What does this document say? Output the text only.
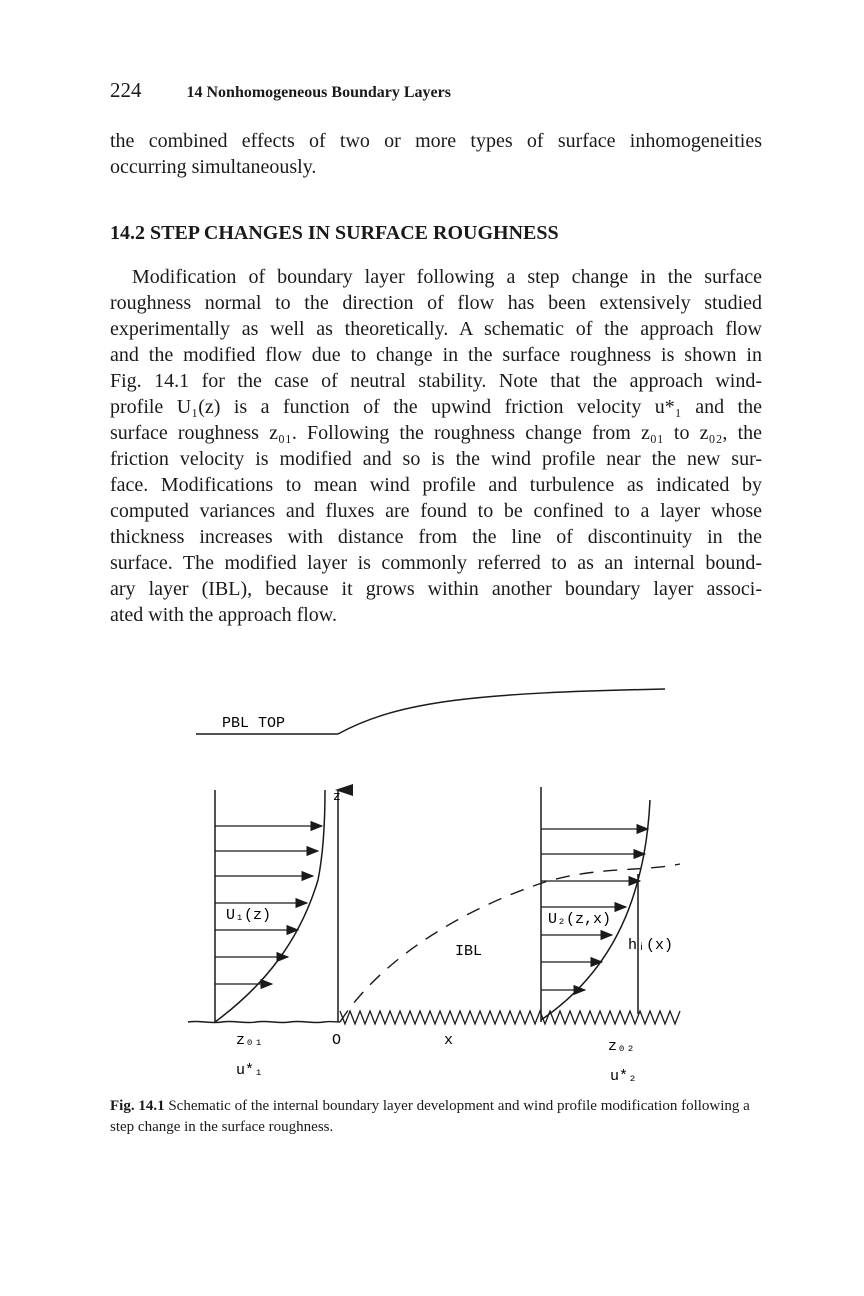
224	14 Nonhomogeneous Boundary Layers

the combined effects of two or more types of surface inhomogeneities
occurring simultaneously.

14.2 STEP CHANGES IN SURFACE ROUGHNESS

Modification of boundary layer following a step change in the surface
roughness normal to the direction of flow has been extensively studied
experimentally as well as theoretically. A schematic of the approach flow
and the modified flow due to change in the surface roughness is shown in
Fig. 14.1 for the case of neutral stability. Note that the approach wind-
profile U₁(z) is a function of the upwind friction velocity u*₁ and the
surface roughness z₀₁. Following the roughness change from z₀₁ to z₀₂, the
friction velocity is modified and so is the wind profile near the new sur-
face. Modifications to mean wind profile and turbulence as indicated by
computed variances and fluxes are found to be confined to a layer whose
thickness increases with distance from the line of discontinuity in the
surface. The modified layer is commonly referred to as an internal bound-
ary layer (IBL), because it grows within another boundary layer associ-
ated with the approach flow.

PBL TOP
U₁(z)
z
IBL
U₂(z,x)
hᵢ(x)
z₀₁	O	x	z₀₂
u*₁	u*₂

Fig. 14.1 Schematic of the internal boundary layer development and wind profile modification following a step change in the surface roughness.
